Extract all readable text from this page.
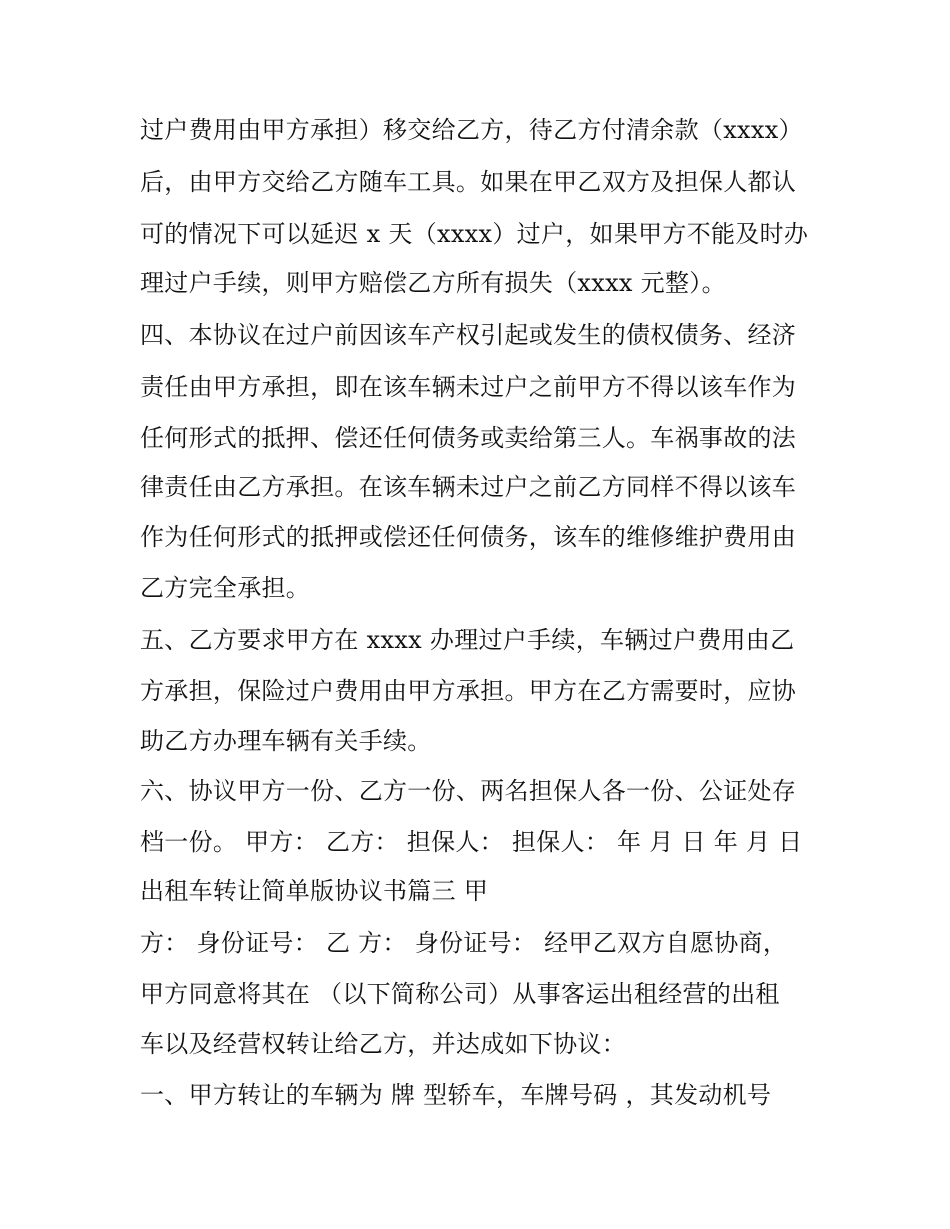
过户费用由甲方承担）移交给乙方，待乙方付清余款（xxxx）
后，由甲方交给乙方随车工具。如果在甲乙双方及担保人都认
可的情况下可以延迟 x 天（xxxx）过户，如果甲方不能及时办
理过户手续，则甲方赔偿乙方所有损失（xxxx 元整）。
四、本协议在过户前因该车产权引起或发生的债权债务、经济
责任由甲方承担，即在该车辆未过户之前甲方不得以该车作为
任何形式的抵押、偿还任何债务或卖给第三人。车祸事故的法
律责任由乙方承担。在该车辆未过户之前乙方同样不得以该车
作为任何形式的抵押或偿还任何债务，该车的维修维护费用由
乙方完全承担。
五、乙方要求甲方在 xxxx 办理过户手续，车辆过户费用由乙
方承担，保险过户费用由甲方承担。甲方在乙方需要时，应协
助乙方办理车辆有关手续。
六、协议甲方一份、乙方一份、两名担保人各一份、公证处存
档一份。 甲方： 乙方： 担保人： 担保人： 年 月 日 年 月 日
出租车转让简单版协议书篇三 甲
方： 身份证号： 乙 方： 身份证号： 经甲乙双方自愿协商，
甲方同意将其在 （以下简称公司）从事客运出租经营的出租
车以及经营权转让给乙方，并达成如下协议：
一、甲方转让的车辆为 牌 型轿车，车牌号码 ，其发动机号
